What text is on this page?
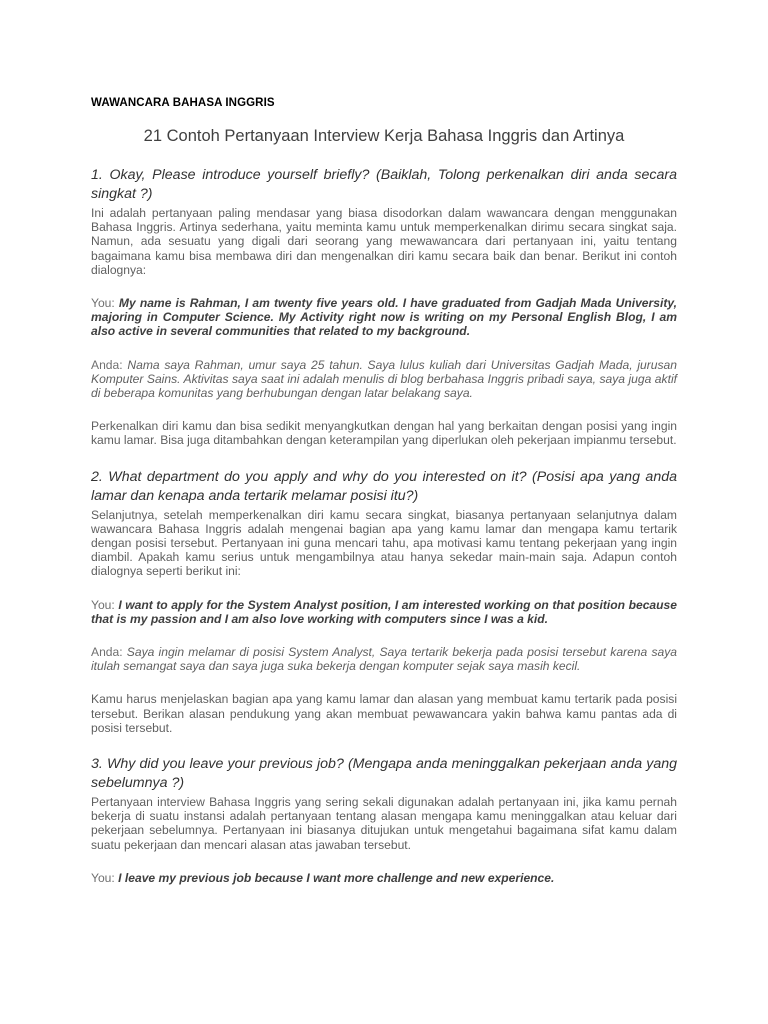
WAWANCARA BAHASA INGGRIS

21 Contoh Pertanyaan Interview Kerja Bahasa Inggris dan Artinya

1. Okay, Please introduce yourself briefly? (Baiklah, Tolong perkenalkan diri anda secara singkat ?)

Ini adalah pertanyaan paling mendasar yang biasa disodorkan dalam wawancara dengan menggunakan Bahasa Inggris. Artinya sederhana, yaitu meminta kamu untuk memperkenalkan dirimu secara singkat saja. Namun, ada sesuatu yang digali dari seorang yang mewawancara dari pertanyaan ini, yaitu tentang bagaimana kamu bisa membawa diri dan mengenalkan diri kamu secara baik dan benar. Berikut ini contoh dialognya:

You: My name is Rahman, I am twenty five years old. I have graduated from Gadjah Mada University, majoring in Computer Science. My Activity right now is writing on my Personal English Blog, I am also active in several communities that related to my background.

Anda: Nama saya Rahman, umur saya 25 tahun. Saya lulus kuliah dari Universitas Gadjah Mada, jurusan Komputer Sains. Aktivitas saya saat ini adalah menulis di blog berbahasa Inggris pribadi saya, saya juga aktif di beberapa komunitas yang berhubungan dengan latar belakang saya.

Perkenalkan diri kamu dan bisa sedikit menyangkutkan dengan hal yang berkaitan dengan posisi yang ingin kamu lamar. Bisa juga ditambahkan dengan keterampilan yang diperlukan oleh pekerjaan impianmu tersebut.

2. What department do you apply and why do you interested on it? (Posisi apa yang anda lamar dan kenapa anda tertarik melamar posisi itu?)

Selanjutnya, setelah memperkenalkan diri kamu secara singkat, biasanya pertanyaan selanjutnya dalam wawancara Bahasa Inggris adalah mengenai bagian apa yang kamu lamar dan mengapa kamu tertarik dengan posisi tersebut. Pertanyaan ini guna mencari tahu, apa motivasi kamu tentang pekerjaan yang ingin diambil. Apakah kamu serius untuk mengambilnya atau hanya sekedar main-main saja. Adapun contoh dialognya seperti berikut ini:

You: I want to apply for the System Analyst position, I am interested working on that position because that is my passion and I am also love working with computers since I was a kid.

Anda: Saya ingin melamar di posisi System Analyst, Saya tertarik bekerja pada posisi tersebut karena saya itulah semangat saya dan saya juga suka bekerja dengan komputer sejak saya masih kecil.

Kamu harus menjelaskan bagian apa yang kamu lamar dan alasan yang membuat kamu tertarik pada posisi tersebut. Berikan alasan pendukung yang akan membuat pewawancara yakin bahwa kamu pantas ada di posisi tersebut.

3. Why did you leave your previous job? (Mengapa anda meninggalkan pekerjaan anda yang sebelumnya ?)

Pertanyaan interview Bahasa Inggris yang sering sekali digunakan adalah pertanyaan ini, jika kamu pernah bekerja di suatu instansi adalah pertanyaan tentang alasan mengapa kamu meninggalkan atau keluar dari pekerjaan sebelumnya. Pertanyaan ini biasanya ditujukan untuk mengetahui bagaimana sifat kamu dalam suatu pekerjaan dan mencari alasan atas jawaban tersebut.

You: I leave my previous job because I want more challenge and new experience.
